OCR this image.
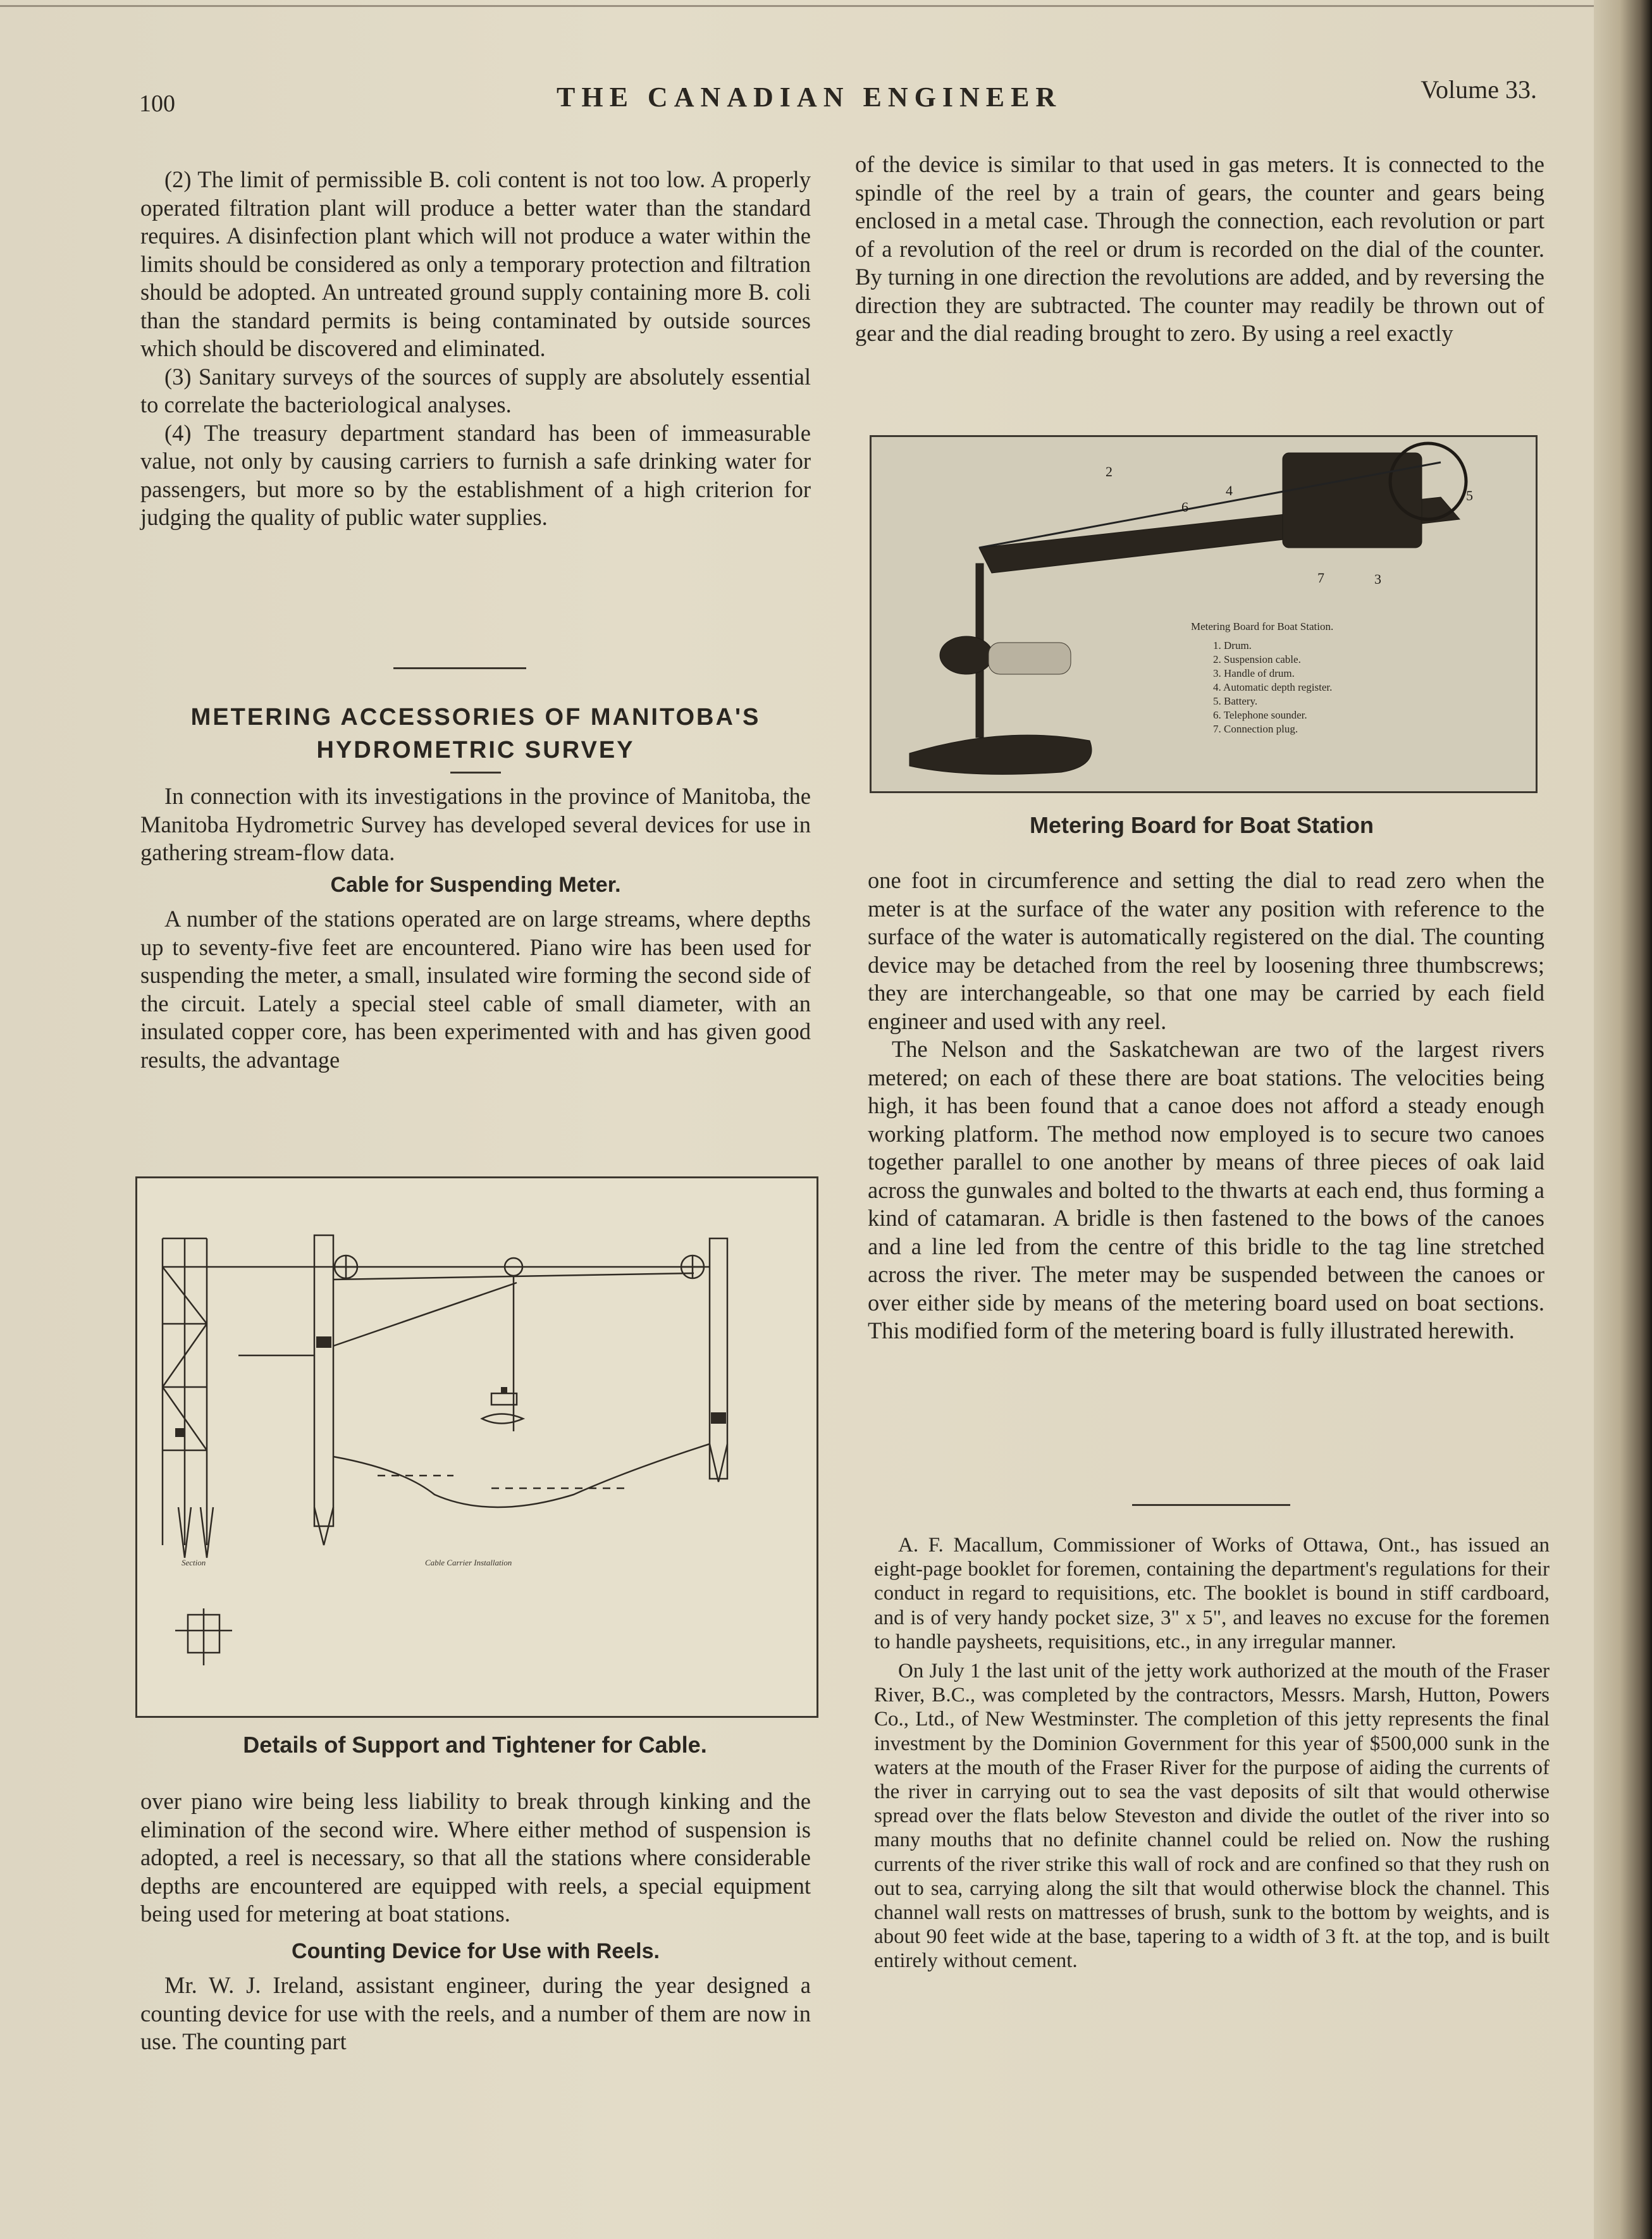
100	THE CANADIAN ENGINEER	Volume 33.

(2) The limit of permissible B. coli content is not too low. A properly operated filtration plant will produce a better water than the standard requires. A disinfection plant which will not produce a water within the limits should be considered as only a temporary protection and filtration should be adopted. An untreated ground supply containing more B. coli than the standard permits is being contaminated by outside sources which should be discovered and eliminated.

(3) Sanitary surveys of the sources of supply are absolutely essential to correlate the bacteriological analyses.

(4) The treasury department standard has been of immeasurable value, not only by causing carriers to furnish a safe drinking water for passengers, but more so by the establishment of a high criterion for judging the quality of public water supplies.

METERING ACCESSORIES OF MANITOBA'S
HYDROMETRIC SURVEY

In connection with its investigations in the province of Manitoba, the Manitoba Hydrometric Survey has developed several devices for use in gathering stream-flow data.

Cable for Suspending Meter.

A number of the stations operated are on large streams, where depths up to seventy-five feet are encountered. Piano wire has been used for suspending the meter, a small, insulated wire forming the second side of the circuit. Lately a special steel cable of small diameter, with an insulated copper core, has been experimented with and has given good results, the advantage

Section	Cable Carrier Installation
Details of Support and Tightener for Cable.

over piano wire being less liability to break through kinking and the elimination of the second wire. Where either method of suspension is adopted, a reel is necessary, so that all the stations where considerable depths are encountered are equipped with reels, a special equipment being used for metering at boat stations.

Counting Device for Use with Reels.

Mr. W. J. Ireland, assistant engineer, during the year designed a counting device for use with the reels, and a number of them are now in use. The counting part

of the device is similar to that used in gas meters. It is connected to the spindle of the reel by a train of gears, the counter and gears being enclosed in a metal case. Through the connection, each revolution or part of a revolution of the reel or drum is recorded on the dial of the counter. By turning in one direction the revolutions are added, and by reversing the direction they are subtracted. The counter may readily be thrown out of gear and the dial reading brought to zero. By using a reel exactly

2
4
6
5
7	3
Metering Board for Boat Station.
1. Drum.
2. Suspension cable.
3. Handle of drum.
4. Automatic depth register.
5. Battery.
6. Telephone sounder.
7. Connection plug.
Metering Board for Boat Station

one foot in circumference and setting the dial to read zero when the meter is at the surface of the water any position with reference to the surface of the water is automatically registered on the dial. The counting device may be detached from the reel by loosening three thumbscrews; they are interchangeable, so that one may be carried by each field engineer and used with any reel.

The Nelson and the Saskatchewan are two of the largest rivers metered; on each of these there are boat stations. The velocities being high, it has been found that a canoe does not afford a steady enough working platform. The method now employed is to secure two canoes together parallel to one another by means of three pieces of oak laid across the gunwales and bolted to the thwarts at each end, thus forming a kind of catamaran. A bridle is then fastened to the bows of the canoes and a line led from the centre of this bridle to the tag line stretched across the river. The meter may be suspended between the canoes or over either side by means of the metering board used on boat sections. This modified form of the metering board is fully illustrated herewith.

A. F. Macallum, Commissioner of Works of Ottawa, Ont., has issued an eight-page booklet for foremen, containing the department's regulations for their conduct in regard to requisitions, etc. The booklet is bound in stiff cardboard, and is of very handy pocket size, 3" x 5", and leaves no excuse for the foremen to handle paysheets, requisitions, etc., in any irregular manner.

On July 1 the last unit of the jetty work authorized at the mouth of the Fraser River, B.C., was completed by the contractors, Messrs. Marsh, Hutton, Powers Co., Ltd., of New Westminster. The completion of this jetty represents the final investment by the Dominion Government for this year of $500,000 sunk in the waters at the mouth of the Fraser River for the purpose of aiding the currents of the river in carrying out to sea the vast deposits of silt that would otherwise spread over the flats below Steveston and divide the outlet of the river into so many mouths that no definite channel could be relied on. Now the rushing currents of the river strike this wall of rock and are confined so that they rush on out to sea, carrying along the silt that would otherwise block the channel. This channel wall rests on mattresses of brush, sunk to the bottom by weights, and is about 90 feet wide at the base, tapering to a width of 3 ft. at the top, and is built entirely without cement.
